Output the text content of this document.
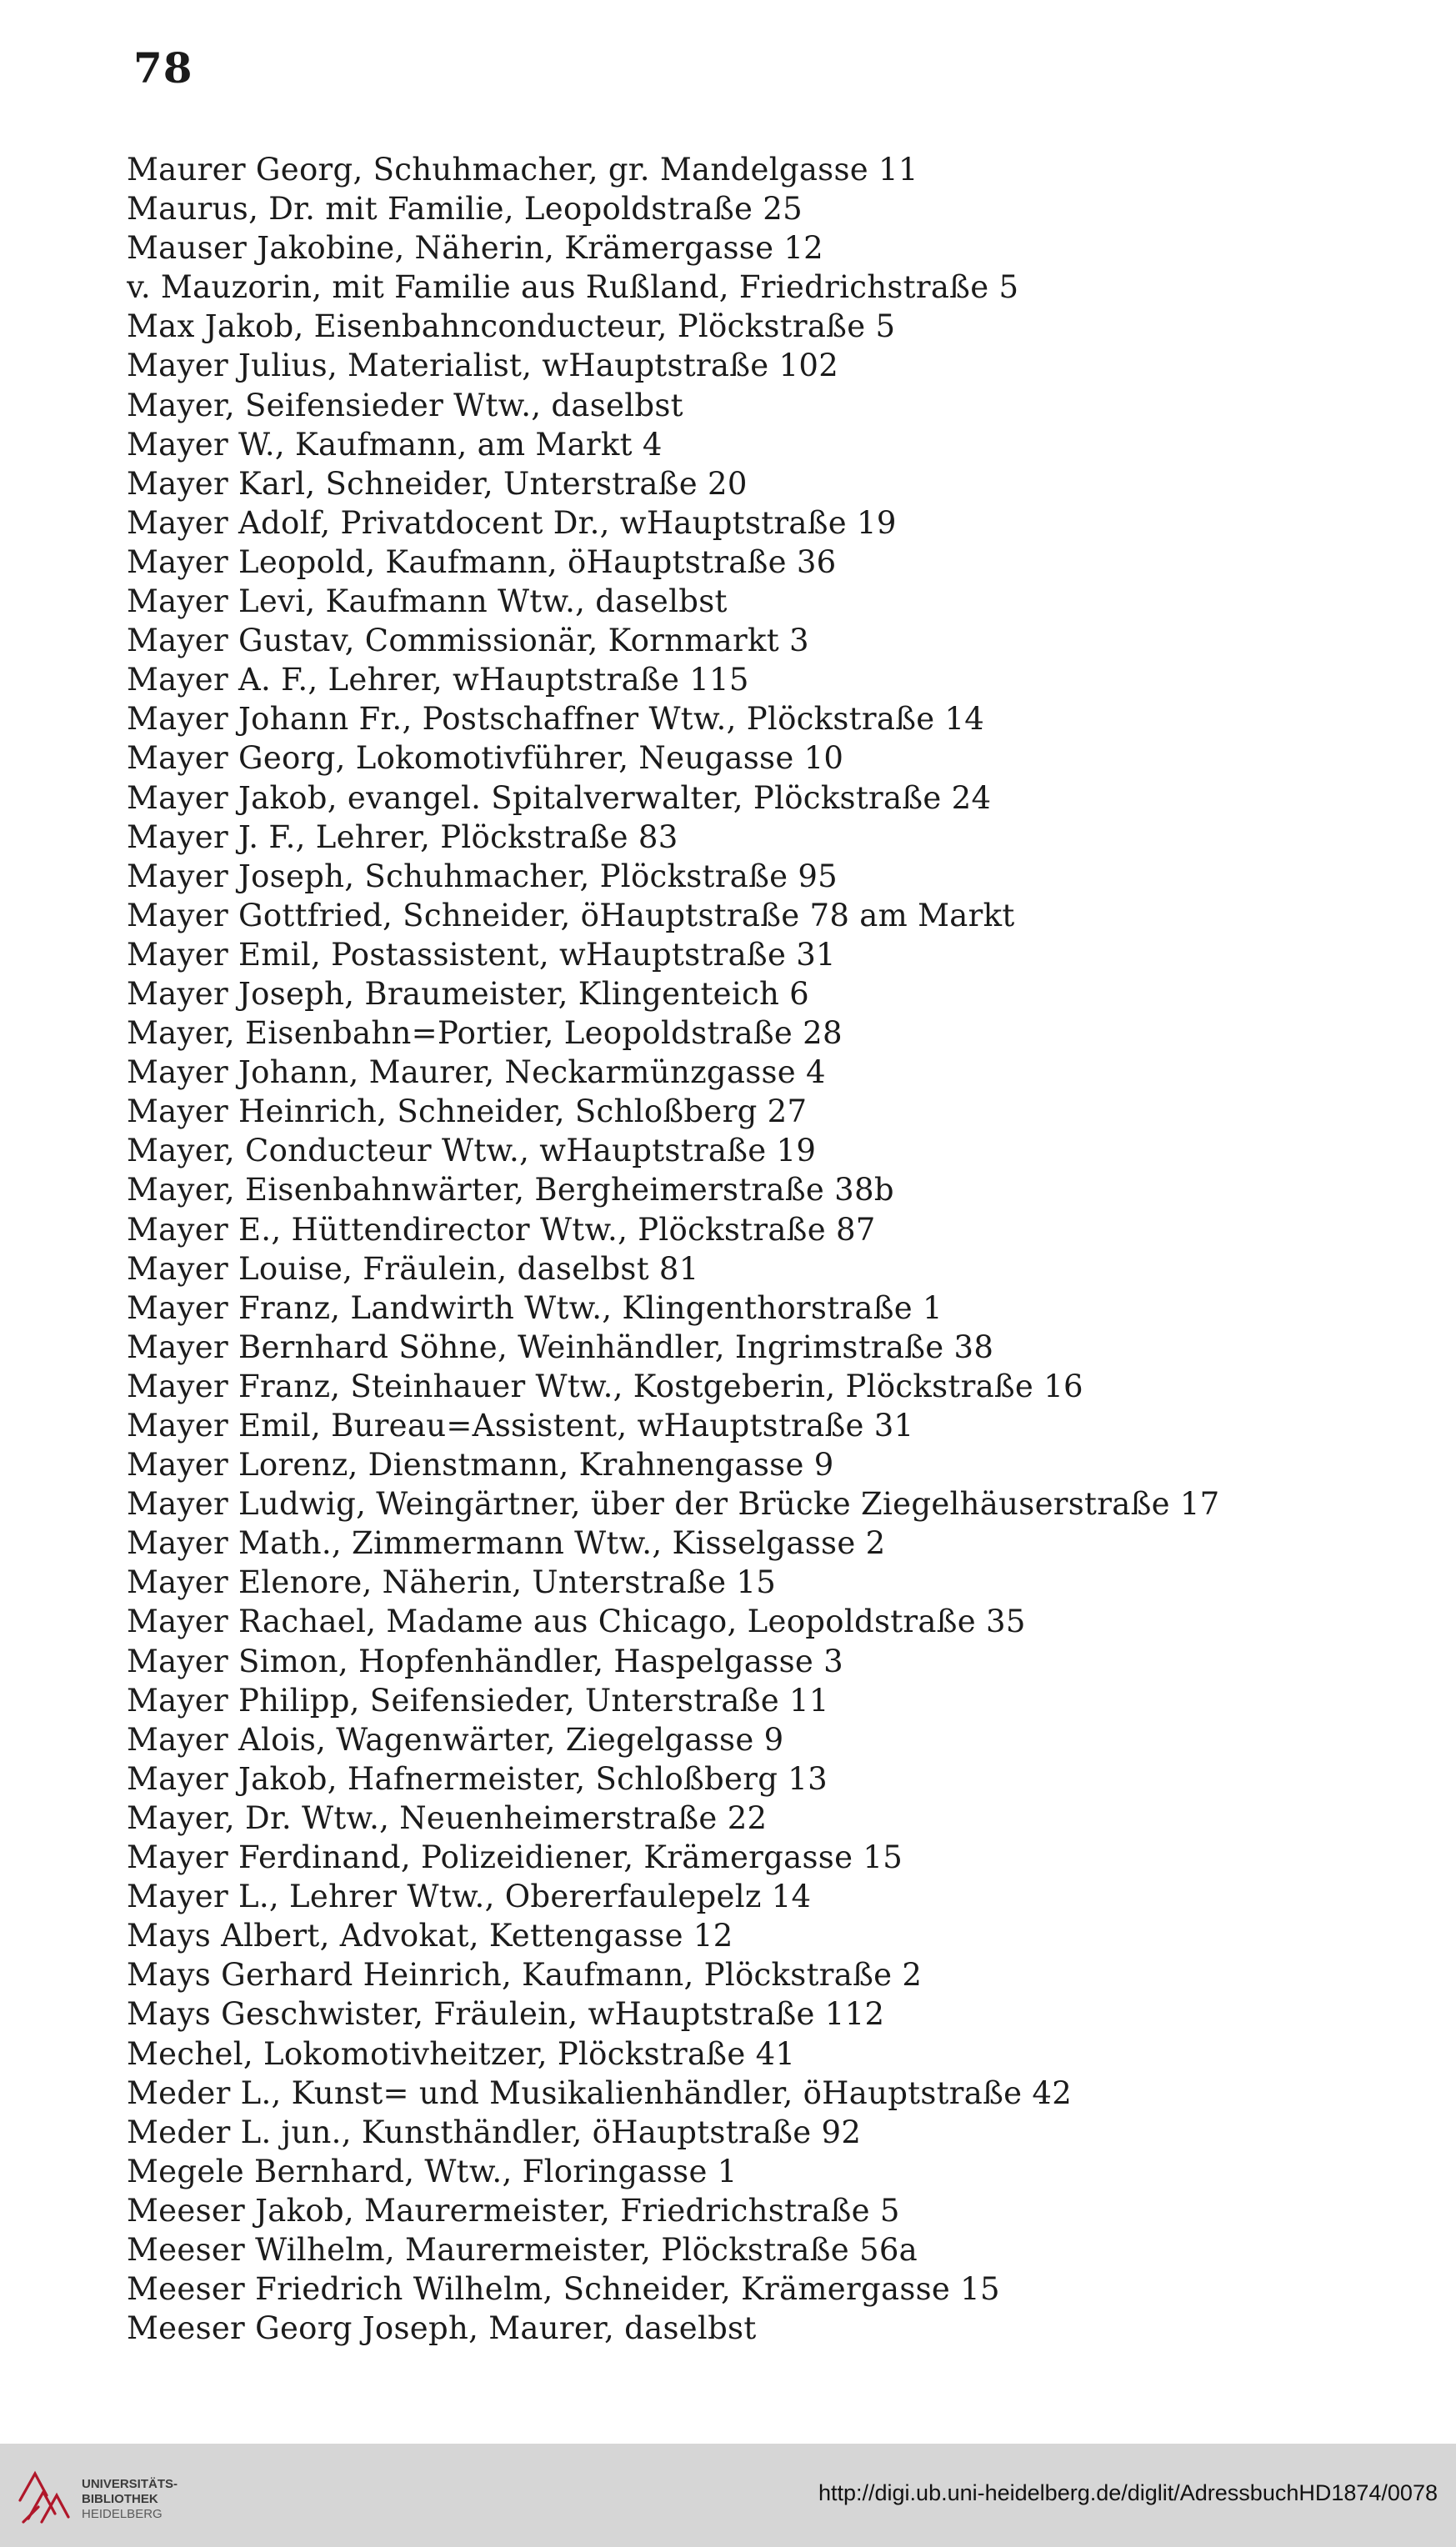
78
Maurer Georg, Schuhmacher, gr. Mandelgasse 11
Maurus, Dr. mit Familie, Leopoldstraße 25
Mauser Jakobine, Näherin, Krämergasse 12
v. Mauzorin, mit Familie aus Rußland, Friedrichstraße 5
Max Jakob, Eisenbahnconducteur, Plöckstraße 5
Mayer Julius, Materialist, wHauptstraße 102
Mayer, Seifensieder Wtw., daselbst
Mayer W., Kaufmann, am Markt 4
Mayer Karl, Schneider, Unterstraße 20
Mayer Adolf, Privatdocent Dr., wHauptstraße 19
Mayer Leopold, Kaufmann, öHauptstraße 36
Mayer Levi, Kaufmann Wtw., daselbst
Mayer Gustav, Commissionär, Kornmarkt 3
Mayer A. F., Lehrer, wHauptstraße 115
Mayer Johann Fr., Postschaffner Wtw., Plöckstraße 14
Mayer Georg, Lokomotivführer, Neugasse 10
Mayer Jakob, evangel. Spitalverwalter, Plöckstraße 24
Mayer J. F., Lehrer, Plöckstraße 83
Mayer Joseph, Schuhmacher, Plöckstraße 95
Mayer Gottfried, Schneider, öHauptstraße 78 am Markt
Mayer Emil, Postassistent, wHauptstraße 31
Mayer Joseph, Braumeister, Klingenteich 6
Mayer, Eisenbahn=Portier, Leopoldstraße 28
Mayer Johann, Maurer, Neckarmünzgasse 4
Mayer Heinrich, Schneider, Schloßberg 27
Mayer, Conducteur Wtw., wHauptstraße 19
Mayer, Eisenbahnwärter, Bergheimerstraße 38b
Mayer E., Hüttendirector Wtw., Plöckstraße 87
Mayer Louise, Fräulein, daselbst 81
Mayer Franz, Landwirth Wtw., Klingenthorstraße 1
Mayer Bernhard Söhne, Weinhändler, Ingrimstraße 38
Mayer Franz, Steinhauer Wtw., Kostgeberin, Plöckstraße 16
Mayer Emil, Bureau=Assistent, wHauptstraße 31
Mayer Lorenz, Dienstmann, Krahnengasse 9
Mayer Ludwig, Weingärtner, über der Brücke Ziegelhäuserstraße 17
Mayer Math., Zimmermann Wtw., Kisselgasse 2
Mayer Elenore, Näherin, Unterstraße 15
Mayer Rachael, Madame aus Chicago, Leopoldstraße 35
Mayer Simon, Hopfenhändler, Haspelgasse 3
Mayer Philipp, Seifensieder, Unterstraße 11
Mayer Alois, Wagenwärter, Ziegelgasse 9
Mayer Jakob, Hafnermeister, Schloßberg 13
Mayer, Dr. Wtw., Neuenheimerstraße 22
Mayer Ferdinand, Polizeidiener, Krämergasse 15
Mayer L., Lehrer Wtw., Obererfaulepelz 14
Mays Albert, Advokat, Kettengasse 12
Mays Gerhard Heinrich, Kaufmann, Plöckstraße 2
Mays Geschwister, Fräulein, wHauptstraße 112
Mechel, Lokomotivheitzer, Plöckstraße 41
Meder L., Kunst= und Musikalienhändler, öHauptstraße 42
Meder L. jun., Kunsthändler, öHauptstraße 92
Megele Bernhard, Wtw., Floringasse 1
Meeser Jakob, Maurermeister, Friedrichstraße 5
Meeser Wilhelm, Maurermeister, Plöckstraße 56a
Meeser Friedrich Wilhelm, Schneider, Krämergasse 15
Meeser Georg Joseph, Maurer, daselbst
UNIVERSITÄTS-
BIBLIOTHEK
HEIDELBERG
http://digi.ub.uni-heidelberg.de/diglit/AdressbuchHD1874/0078
